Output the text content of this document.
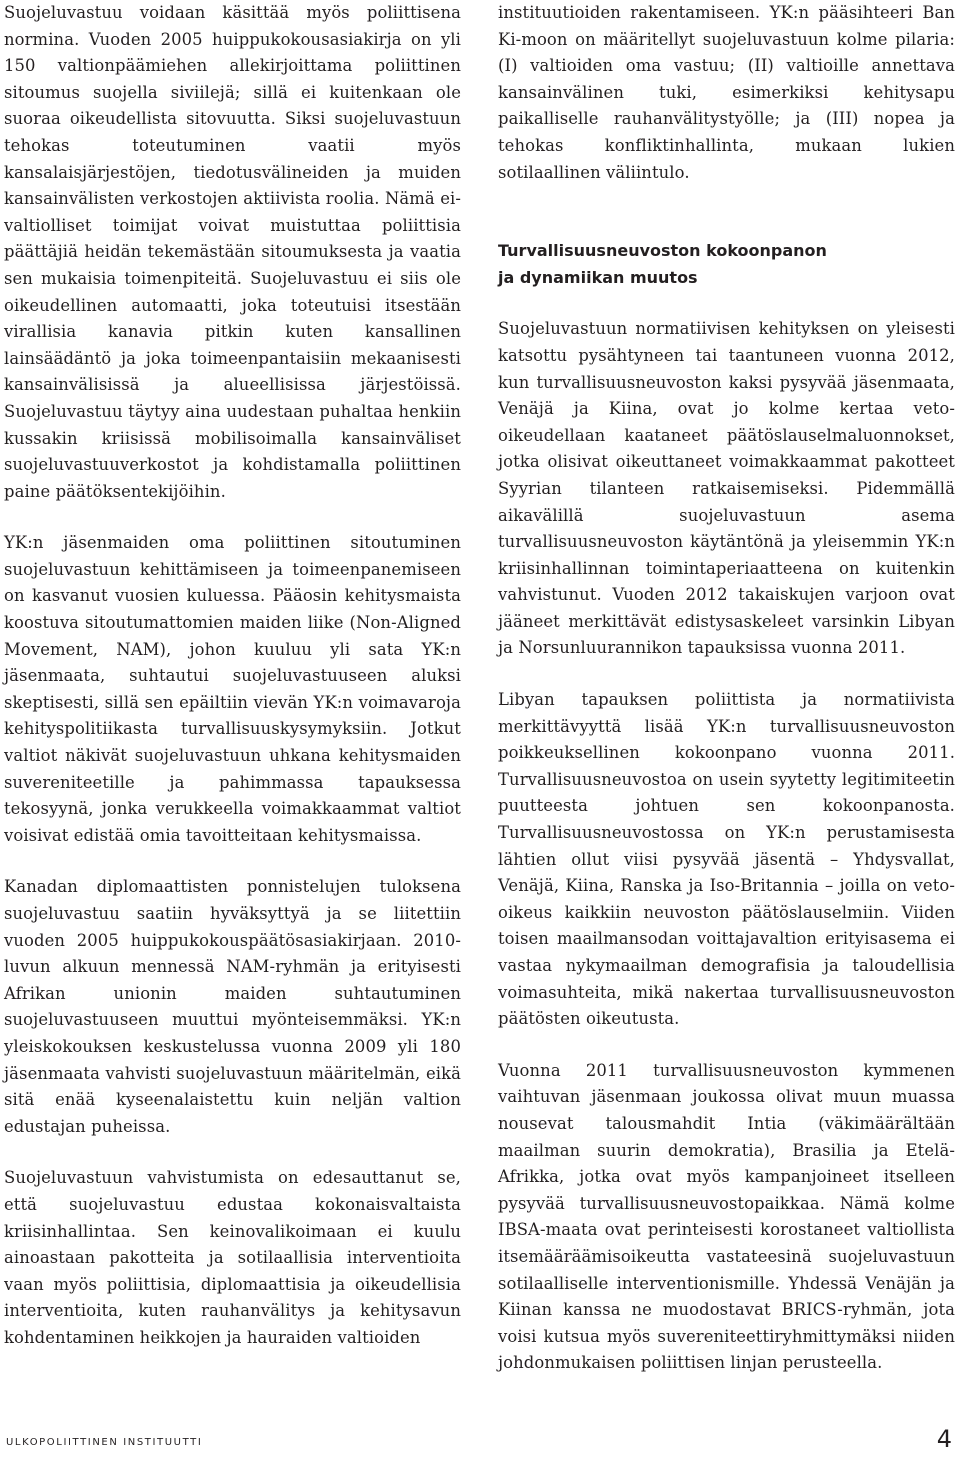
Suojeluvastuu voidaan käsittää myös poliittisena normina. Vuoden 2005 huippukokousasiakirja on yli 150 valtionpäämiehen allekirjoittama poliittinen sitoumus suojella siviilejä; sillä ei kuitenkaan ole suoraa oikeudellista sitovuutta. Siksi suojeluvastuun tehokas toteutuminen vaatii myös kansalaisjärjestöjen, tiedotusvälineiden ja muiden kansainvälisten verkostojen aktiivista roolia. Nämä ei-valtiolliset toimijat voivat muistuttaa poliittisia päättäjiä heidän tekemästään sitoumuksesta ja vaatia sen mukaisia toimenpiteitä. Suojeluvastuu ei siis ole oikeudellinen automaatti, joka toteutuisi itsestään virallisia kanavia pitkin kuten kansallinen lainsäädäntö ja joka toimeenpantaisiin mekaanisesti kansainvälisissä ja alueellisissa järjestöissä. Suojeluvastuu täytyy aina uudestaan puhaltaa henkiin kussakin kriisissä mobilisoimalla kansainväliset suojeluvastuuverkostot ja kohdistamalla poliittinen paine päätöksentekijöihin.

YK:n jäsenmaiden oma poliittinen sitoutuminen suojeluvastuun kehittämiseen ja toimeenpanemiseen on kasvanut vuosien kuluessa. Pääosin kehitysmaista koostuva sitoutumattomien maiden liike (Non-Aligned Movement, NAM), johon kuuluu yli sata YK:n jäsenmaata, suhtautui suojeluvastuuseen aluksi skeptisesti, sillä sen epäiltiin vievän YK:n voimavaroja kehityspolitiikasta turvallisuuskysymyksiin. Jotkut valtiot näkivät suojeluvastuun uhkana kehitysmaiden suvereniteetille ja pahimmassa tapauksessa tekosyynä, jonka verukkeella voimakkaammat valtiot voisivat edistää omia tavoitteitaan kehitysmaissa.

Kanadan diplomaattisten ponnistelujen tuloksena suojeluvastuu saatiin hyväksyttyä ja se liitettiin vuoden 2005 huippukokouspäätösasiakirjaan. 2010-luvun alkuun mennessä NAM-ryhmän ja erityisesti Afrikan unionin maiden suhtautuminen suojeluvastuuseen muuttui myönteisemmäksi. YK:n yleiskokouksen keskustelussa vuonna 2009 yli 180 jäsenmaata vahvisti suojeluvastuun määritelmän, eikä sitä enää kyseenalaistettu kuin neljän valtion edustajan puheissa.

Suojeluvastuun vahvistumista on edesauttanut se, että suojeluvastuu edustaa kokonaisvaltaista kriisinhallintaa. Sen keinovalikoimaan ei kuulu ainoastaan pakotteita ja sotilaallisia interventioita vaan myös poliittisia, diplomaattisia ja oikeudellisia interventioita, kuten rauhanvälitys ja kehitysavun kohdentaminen heikkojen ja hauraiden valtioiden

instituutioiden rakentamiseen. YK:n pääsihteeri Ban Ki-moon on määritellyt suojeluvastuun kolme pilaria: (I) valtioiden oma vastuu; (II) valtioille annettava kansainvälinen tuki, esimerkiksi kehitysapu paikalliselle rauhanvälitystyölle; ja (III) nopea ja tehokas konfliktinhallinta, mukaan lukien sotilaallinen väliintulo.

Turvallisuusneuvoston kokoonpanon
ja dynamiikan muutos

Suojeluvastuun normatiivisen kehityksen on yleisesti katsottu pysähtyneen tai taantuneen vuonna 2012, kun turvallisuusneuvoston kaksi pysyvää jäsenmaata, Venäjä ja Kiina, ovat jo kolme kertaa veto-oikeudellaan kaataneet päätöslauselmaluonnokset, jotka olisivat oikeuttaneet voimakkaammat pakotteet Syyrian tilanteen ratkaisemiseksi. Pidemmällä aikavälillä suojeluvastuun asema turvallisuusneuvoston käytäntönä ja yleisemmin YK:n kriisinhallinnan toimintaperiaatteena on kuitenkin vahvistunut. Vuoden 2012 takaiskujen varjoon ovat jääneet merkittävät edistysaskeleet varsinkin Libyan ja Norsunluurannikon tapauksissa vuonna 2011.

Libyan tapauksen poliittista ja normatiivista merkittävyyttä lisää YK:n turvallisuusneuvoston poikkeuksellinen kokoonpano vuonna 2011. Turvallisuusneuvostoa on usein syytetty legitimiteetin puutteesta johtuen sen kokoonpanosta. Turvallisuusneuvostossa on YK:n perustamisesta lähtien ollut viisi pysyvää jäsentä – Yhdysvallat, Venäjä, Kiina, Ranska ja Iso-Britannia – joilla on veto-oikeus kaikkiin neuvoston päätöslauselmiin. Viiden toisen maailmansodan voittajavaltion erityisasema ei vastaa nykymaailman demografisia ja taloudellisia voimasuhteita, mikä nakertaa turvallisuusneuvoston päätösten oikeutusta.

Vuonna 2011 turvallisuusneuvoston kymmenen vaihtuvan jäsenmaan joukossa olivat muun muassa nousevat talousmahdit Intia (väkimäärältään maailman suurin demokratia), Brasilia ja Etelä-Afrikka, jotka ovat myös kampanjoineet itselleen pysyvää turvallisuusneuvostopaikkaa. Nämä kolme IBSA-maata ovat perinteisesti korostaneet valtiollista itsemääräämisoikeutta vastateesinä suojeluvastuun sotilaalliselle interventionismille. Yhdessä Venäjän ja Kiinan kanssa ne muodostavat BRICS-ryhmän, jota voisi kutsua myös suvereniteettiryhmittymäksi niiden johdonmukaisen poliittisen linjan perusteella.

ULKOPOLIITTINEN INSTITUUTTI	4
